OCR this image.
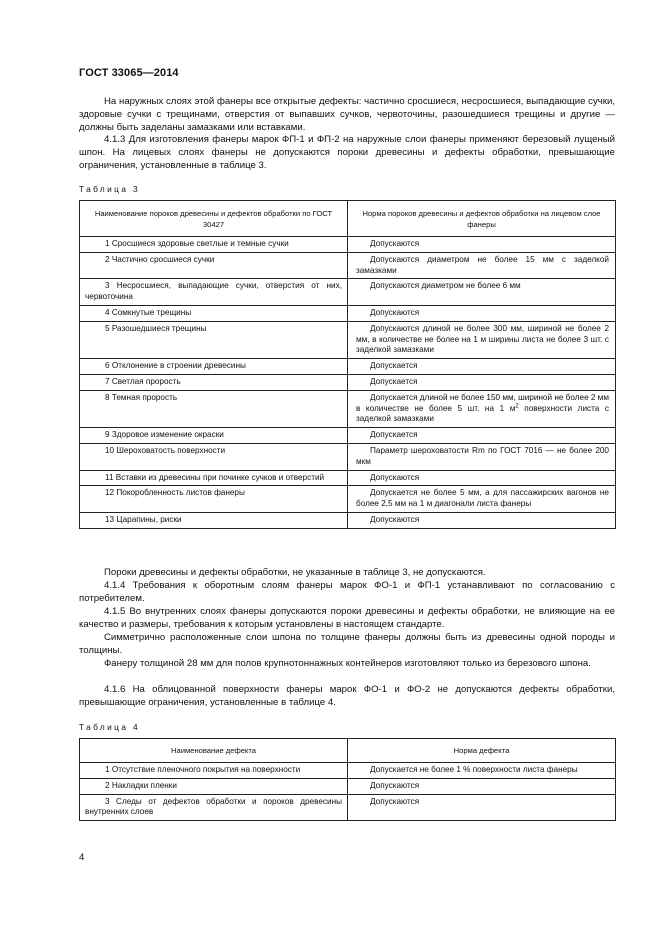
ГОСТ 33065—2014
На наружных слоях этой фанеры все открытые дефекты: частично сросшиеся, несросшиеся, выпадающие сучки, здоровые сучки с трещинами, отверстия от выпавших сучков, червоточины, разошедшиеся трещины и другие — должны быть заделаны замазками или вставками.
4.1.3 Для изготовления фанеры марок ФП-1 и ФП-2 на наружные слои фанеры применяют березовый лущеный шпон. На лицевых слоях фанеры не допускаются пороки древесины и дефекты обработки, превышающие ограничения, установленные в таблице 3.
Таблица 3
Наименование пороков древесины и дефектов обработки по ГОСТ 30427	Норма пороков древесины и дефектов обработки на лицевом слое фанеры
1 Сросшиеся здоровые светлые и темные сучки	Допускаются
2 Частично сросшиеся сучки	Допускаются диаметром не более 15 мм с заделкой замазками
3 Несросшиеся, выпадающие сучки, отверстия от них, червоточина	Допускаются диаметром не более 6 мм
4 Сомкнутые трещины	Допускаются
5 Разошедшиеся трещины	Допускаются длиной не более 300 мм, шириной не более 2 мм, в количестве не более на 1 м ширины листа не более 3 шт. с заделкой замазками
6 Отклонение в строении древесины	Допускается
7 Светлая прорость	Допускается
8 Темная прорость	Допускается длиной не более 150 мм, шириной не более 2 мм в количестве не более 5 шт. на 1 $м^2$ поверхности листа с заделкой замазками
9 Здоровое изменение окраски	Допускается
10 Шероховатость поверхности	Параметр шероховатости Rm по ГОСТ 7016 — не более 200 мкм
11 Вставки из древесины при починке сучков и отверстий	Допускаются
12 Покоробленность листов фанеры	Допускается не более 5 мм, а для пассажирских вагонов не более 2,5 мм на 1 м диагонали листа фанеры
13 Царапины, риски	Допускаются
Пороки древесины и дефекты обработки, не указанные в таблице 3, не допускаются.
4.1.4 Требования к оборотным слоям фанеры марок ФО-1 и ФП-1 устанавливают по согласованию с потребителем.
4.1.5 Во внутренних слоях фанеры допускаются пороки древесины и дефекты обработки, не влияющие на ее качество и размеры, требования к которым установлены в настоящем стандарте.
Симметрично расположенные слои шпона по толщине фанеры должны быть из древесины одной породы и толщины.
Фанеру толщиной 28 мм для полов крупнотоннажных контейнеров изготовляют только из березового шпона.
4.1.6 На облицованной поверхности фанеры марок ФО-1 и ФО-2 не допускаются дефекты обработки, превышающие ограничения, установленные в таблице 4.
Таблица 4
Наименование дефекта	Норма дефекта
1 Отсутствие пленочного покрытия на поверхности	Допускается не более 1 % поверхности листа фанеры
2 Накладки пленки	Допускаются
3 Следы от дефектов обработки и пороков древесины внутренних слоев	Допускаются
4
